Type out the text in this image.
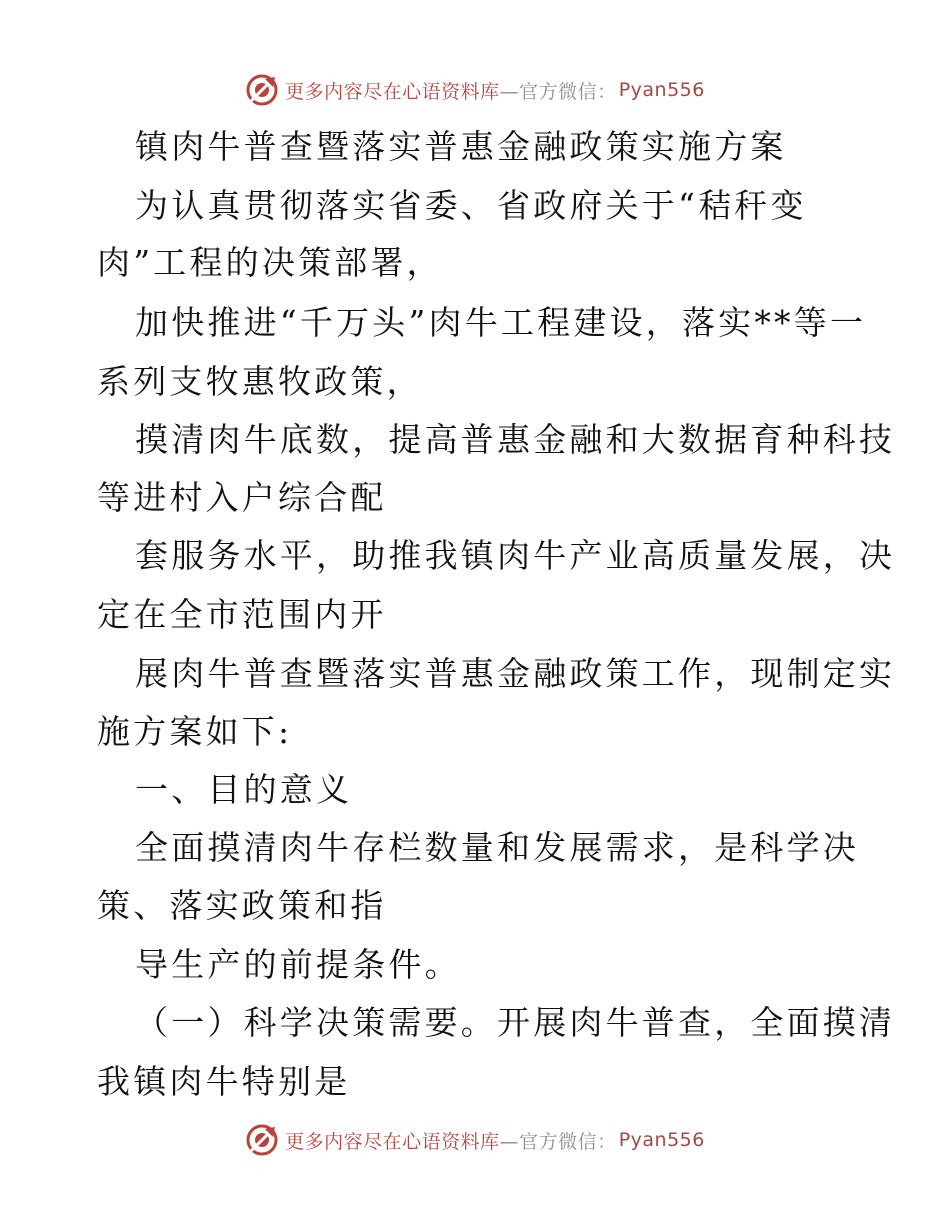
更多内容尽在心语资料库 —官方微信： Pyan556
镇肉牛普查暨落实普惠金融政策实施方案
为认真贯彻落实省委、省政府关于“秸秆变
肉”工程的决策部署，
加快推进“千万头”肉牛工程建设，落实**等一
系列支牧惠牧政策，
摸清肉牛底数，提高普惠金融和大数据育种科技
等进村入户综合配
套服务水平，助推我镇肉牛产业高质量发展，决
定在全市范围内开
展肉牛普查暨落实普惠金融政策工作，现制定实
施方案如下:
一、目的意义
全面摸清肉牛存栏数量和发展需求，是科学决
策、落实政策和指
导生产的前提条件。
（一）科学决策需要。开展肉牛普查，全面摸清
我镇肉牛特别是
更多内容尽在心语资料库 —官方微信： Pyan556
